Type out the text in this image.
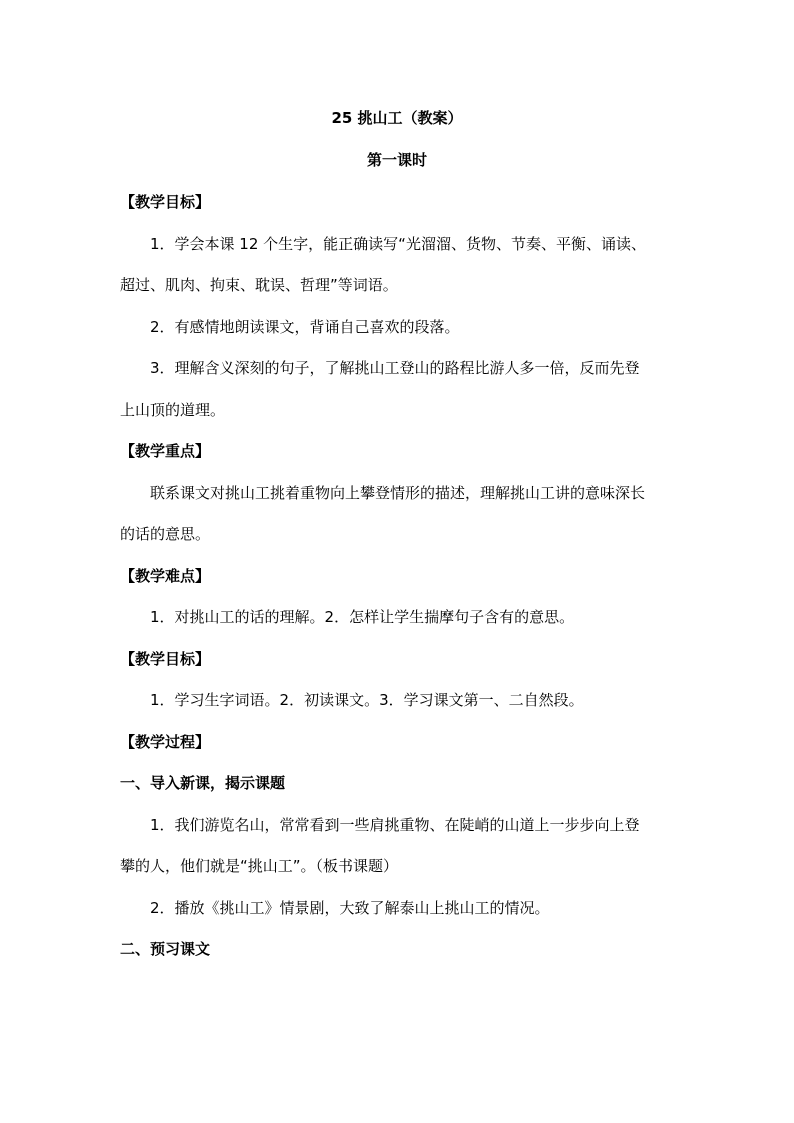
25 挑山工（教案）
第一课时
【教学目标】
1．学会本课 12 个生字，能正确读写“光溜溜、货物、节奏、平衡、诵读、
超过、肌肉、拘束、耽误、哲理”等词语。
2．有感情地朗读课文，背诵自己喜欢的段落。
3．理解含义深刻的句子，了解挑山工登山的路程比游人多一倍，反而先登
上山顶的道理。
【教学重点】
联系课文对挑山工挑着重物向上攀登情形的描述，理解挑山工讲的意味深长
的话的意思。
【教学难点】
1．对挑山工的话的理解。2．怎样让学生揣摩句子含有的意思。
【教学目标】
1．学习生字词语。2．初读课文。3．学习课文第一、二自然段。
【教学过程】
一、导入新课，揭示课题
1．我们游览名山，常常看到一些肩挑重物、在陡峭的山道上一步步向上登
攀的人，他们就是“挑山工”。（板书课题）
2．播放《挑山工》情景剧，大致了解泰山上挑山工的情况。
二、预习课文
